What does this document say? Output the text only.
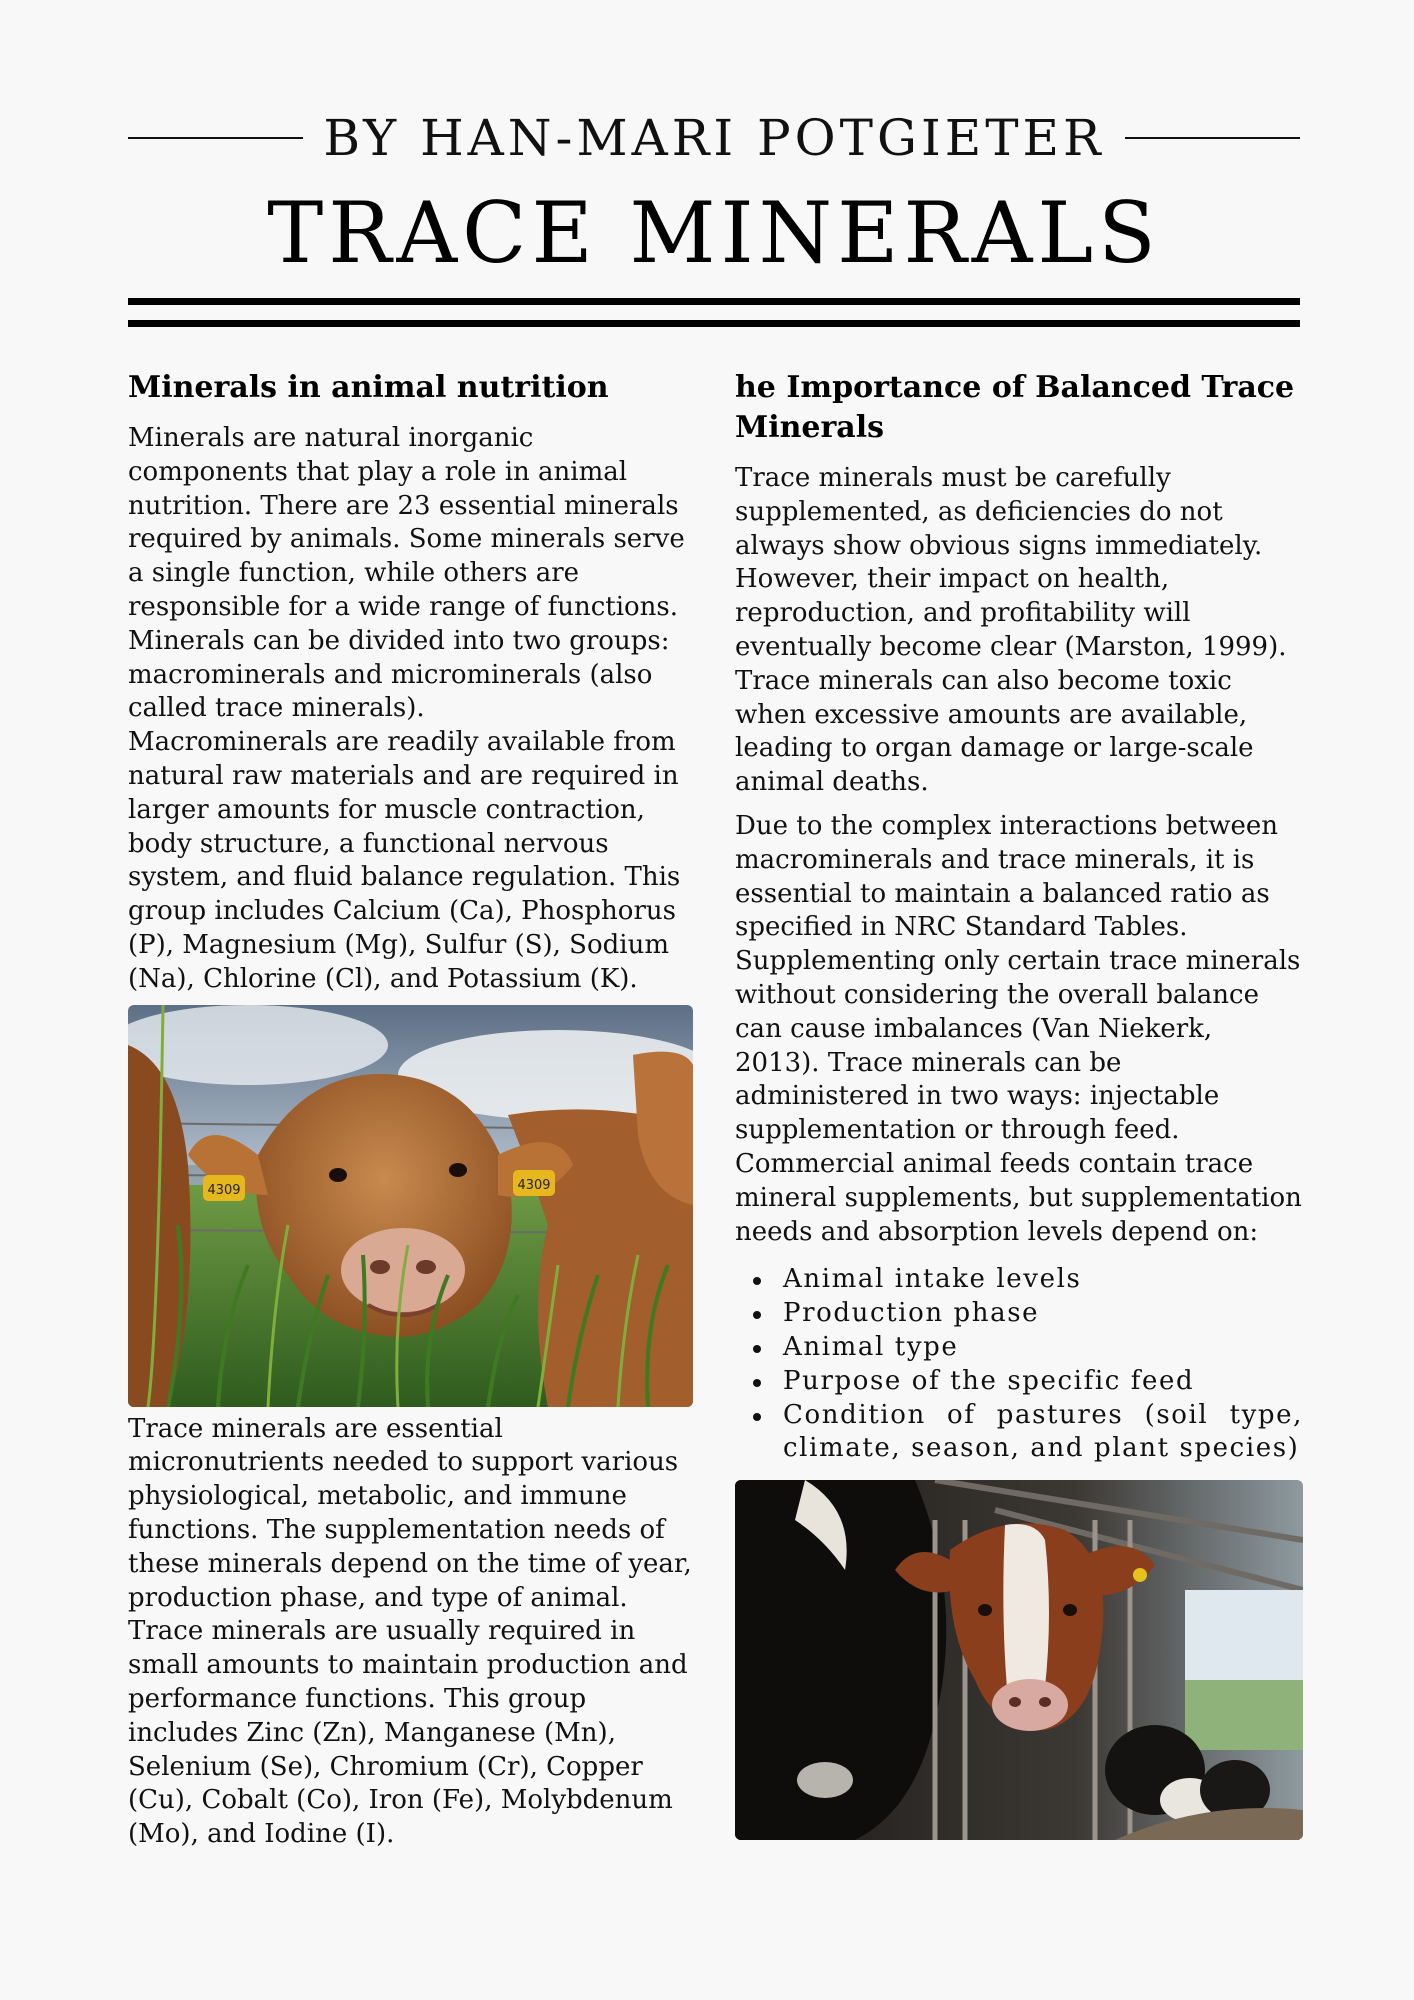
BY HAN-MARI POTGIETER
TRACE MINERALS
Minerals in animal nutrition

Minerals are natural inorganic components that play a role in animal nutrition. There are 23 essential minerals required by animals. Some minerals serve a single function, while others are responsible for a wide range of functions. Minerals can be divided into two groups: macrominerals and microminerals (also called trace minerals).

Macrominerals are readily available from natural raw materials and are required in larger amounts for muscle contraction, body structure, a functional nervous system, and fluid balance regulation. This group includes Calcium (Ca), Phosphorus (P), Magnesium (Mg), Sulfur (S), Sodium (Na), Chlorine (Cl), and Potassium (K).

4309	4309

Trace minerals are essential micronutrients needed to support various physiological, metabolic, and immune functions. The supplementation needs of these minerals depend on the time of year, production phase, and type of animal. Trace minerals are usually required in small amounts to maintain production and performance functions. This group includes Zinc (Zn), Manganese (Mn), Selenium (Se), Chromium (Cr), Copper (Cu), Cobalt (Co), Iron (Fe), Molybdenum (Mo), and Iodine (I).

he Importance of Balanced Trace Minerals

Trace minerals must be carefully supplemented, as deficiencies do not always show obvious signs immediately. However, their impact on health, reproduction, and profitability will eventually become clear (Marston, 1999). Trace minerals can also become toxic when excessive amounts are available, leading to organ damage or large-scale animal deaths.

Due to the complex interactions between macrominerals and trace minerals, it is essential to maintain a balanced ratio as specified in NRC Standard Tables. Supplementing only certain trace minerals without considering the overall balance can cause imbalances (Van Niekerk, 2013). Trace minerals can be administered in two ways: injectable supplementation or through feed. Commercial animal feeds contain trace mineral supplements, but supplementation needs and absorption levels depend on:

Animal intake levels
Production phase
Animal type
Purpose of the specific feed
Condition of pastures (soil type, climate, season, and plant species)
